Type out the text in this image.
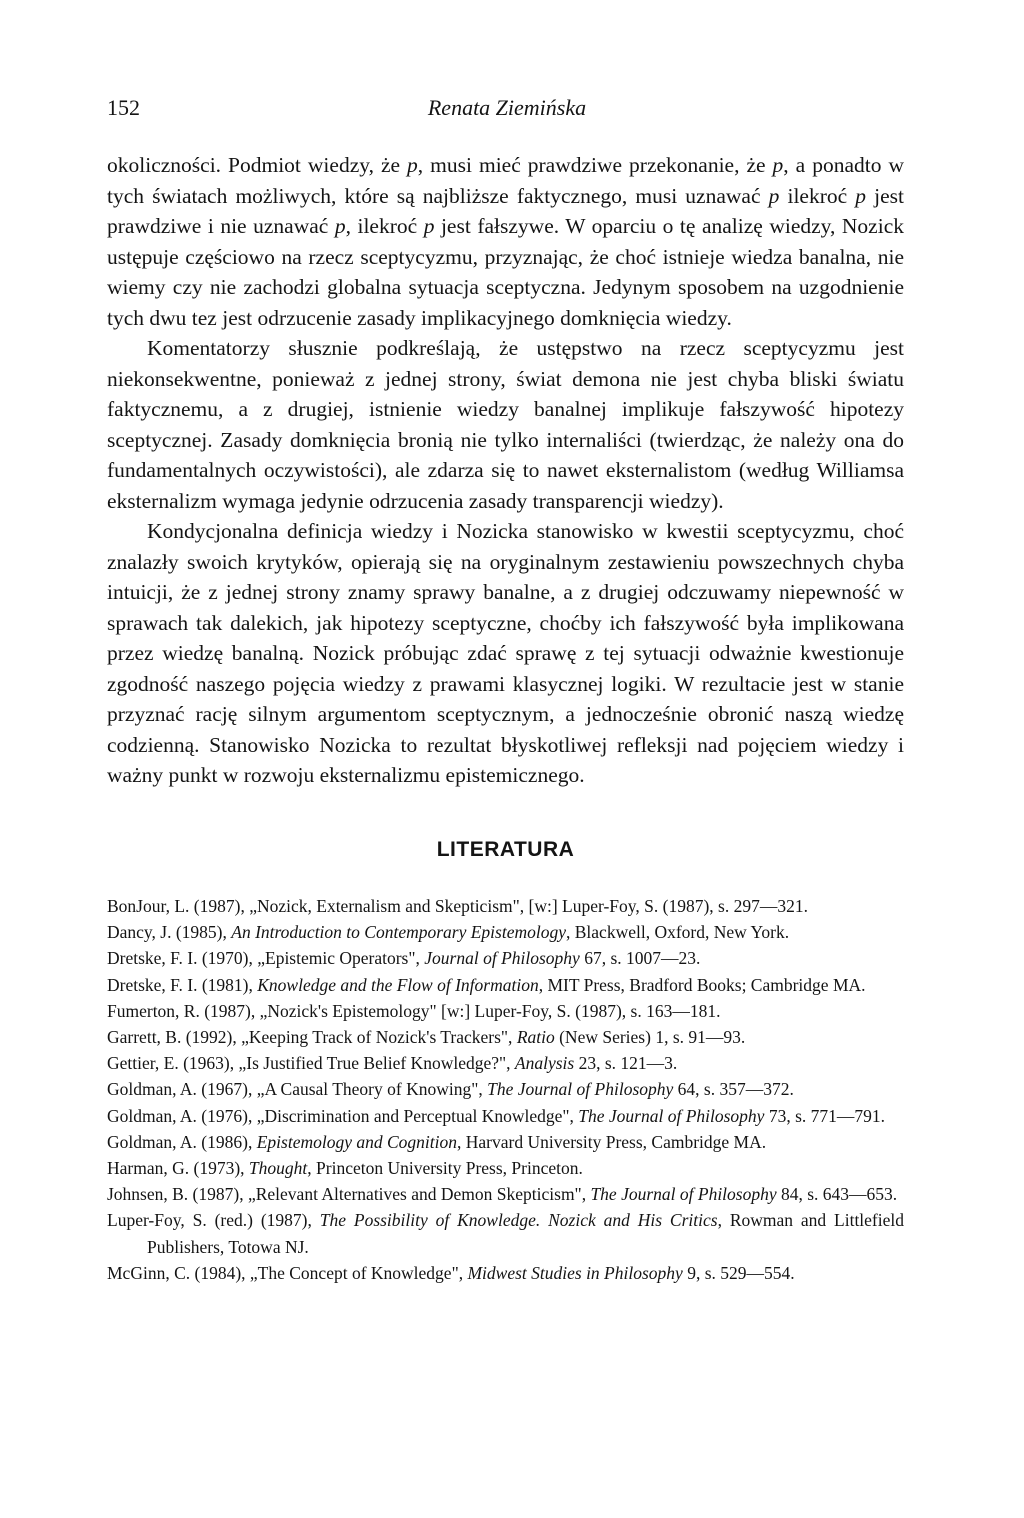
152	Renata Ziemińska

okoliczności. Podmiot wiedzy, że p, musi mieć prawdziwe przekonanie, że p, a ponadto w tych światach możliwych, które są najbliższe faktycznego, musi uznawać p ilekroć p jest prawdziwe i nie uznawać p, ilekroć p jest fałszywe. W oparciu o tę analizę wiedzy, Nozick ustępuje częściowo na rzecz sceptycyzmu, przyznając, że choć istnieje wiedza banalna, nie wiemy czy nie zachodzi globalna sytuacja sceptyczna. Jedynym sposobem na uzgodnienie tych dwu tez jest odrzucenie zasady implikacyjnego domknięcia wiedzy.

Komentatorzy słusznie podkreślają, że ustępstwo na rzecz sceptycyzmu jest niekonsekwentne, ponieważ z jednej strony, świat demona nie jest chyba bliski światu faktycznemu, a z drugiej, istnienie wiedzy banalnej implikuje fałszywość hipotezy sceptycznej. Zasady domknięcia bronią nie tylko internaliści (twierdząc, że należy ona do fundamentalnych oczywistości), ale zdarza się to nawet eksternalistom (według Williamsa eksternalizm wymaga jedynie odrzucenia zasady transparencji wiedzy).

Kondycjonalna definicja wiedzy i Nozicka stanowisko w kwestii sceptycyzmu, choć znalazły swoich krytyków, opierają się na oryginalnym zestawieniu powszechnych chyba intuicji, że z jednej strony znamy sprawy banalne, a z drugiej odczuwamy niepewność w sprawach tak dalekich, jak hipotezy sceptyczne, choćby ich fałszywość była implikowana przez wiedzę banalną. Nozick próbując zdać sprawę z tej sytuacji odważnie kwestionuje zgodność naszego pojęcia wiedzy z prawami klasycznej logiki. W rezultacie jest w stanie przyznać rację silnym argumentom sceptycznym, a jednocześnie obronić naszą wiedzę codzienną. Stanowisko Nozicka to rezultat błyskotliwej refleksji nad pojęciem wiedzy i ważny punkt w rozwoju eksternalizmu epistemicznego.

LITERATURA
BonJour, L. (1987), „Nozick, Externalism and Skepticism", [w:] Luper-Foy, S. (1987), s. 297—321.
Dancy, J. (1985), An Introduction to Contemporary Epistemology, Blackwell, Oxford, New York.
Dretske, F. I. (1970), „Epistemic Operators", Journal of Philosophy 67, s. 1007—23.
Dretske, F. I. (1981), Knowledge and the Flow of Information, MIT Press, Bradford Books; Cambridge MA.
Fumerton, R. (1987), „Nozick's Epistemology" [w:] Luper-Foy, S. (1987), s. 163—181.
Garrett, B. (1992), „Keeping Track of Nozick's Trackers", Ratio (New Series) 1, s. 91—93.
Gettier, E. (1963), „Is Justified True Belief Knowledge?", Analysis 23, s. 121—3.
Goldman, A. (1967), „A Causal Theory of Knowing", The Journal of Philosophy 64, s. 357—372.
Goldman, A. (1976), „Discrimination and Perceptual Knowledge", The Journal of Philosophy 73, s. 771—791.
Goldman, A. (1986), Epistemology and Cognition, Harvard University Press, Cambridge MA.
Harman, G. (1973), Thought, Princeton University Press, Princeton.
Johnsen, B. (1987), „Relevant Alternatives and Demon Skepticism", The Journal of Philosophy 84, s. 643—653.
Luper-Foy, S. (red.) (1987), The Possibility of Knowledge. Nozick and His Critics, Rowman and Littlefield Publishers, Totowa NJ.
McGinn, C. (1984), „The Concept of Knowledge", Midwest Studies in Philosophy 9, s. 529—554.
